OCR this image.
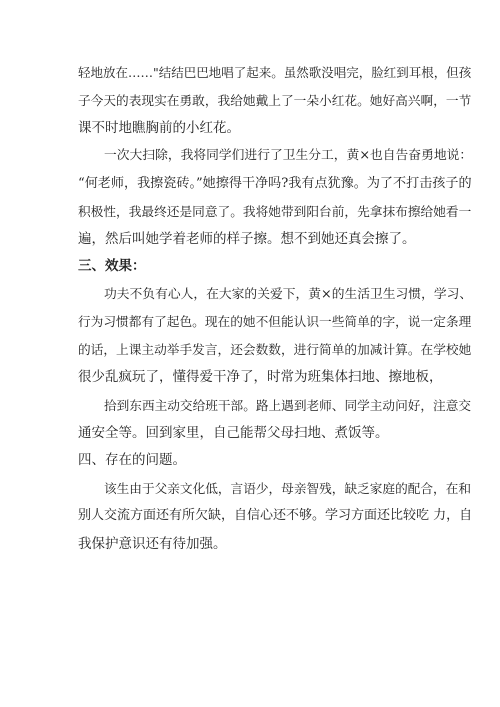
轻地放在……"结结巴巴地唱了起来。虽然歌没唱完，脸红到耳根，但孩
子今天的表现实在勇敢，我给她戴上了一朵小红花。她好高兴啊，一节
课不时地瞧胸前的小红花。
一次大扫除，我将同学们进行了卫生分工，黄×也自告奋勇地说：
“何老师，我擦瓷砖。”她擦得干净吗?我有点犹豫。为了不打击孩子的
积极性，我最终还是同意了。我将她带到阳台前，先拿抹布擦给她看一
遍，然后叫她学着老师的样子擦。想不到她还真会擦了。
三、效果：
功夫不负有心人，在大家的关爱下，黄×的生活卫生习惯，学习、
行为习惯都有了起色。现在的她不但能认识一些简单的字，说一定条理
的话，上课主动举手发言，还会数数，进行简单的加减计算。在学校她
很少乱疯玩了，懂得爱干净了，时常为班集体扫地、擦地板，
拾到东西主动交给班干部。路上遇到老师、同学主动问好，注意交
通安全等。回到家里，自己能帮父母扫地、煮饭等。
四、存在的问题。
该生由于父亲文化低，言语少，母亲智残，缺乏家庭的配合，在和
别人交流方面还有所欠缺，自信心还不够。学习方面还比较吃 力，自
我保护意识还有待加强。
